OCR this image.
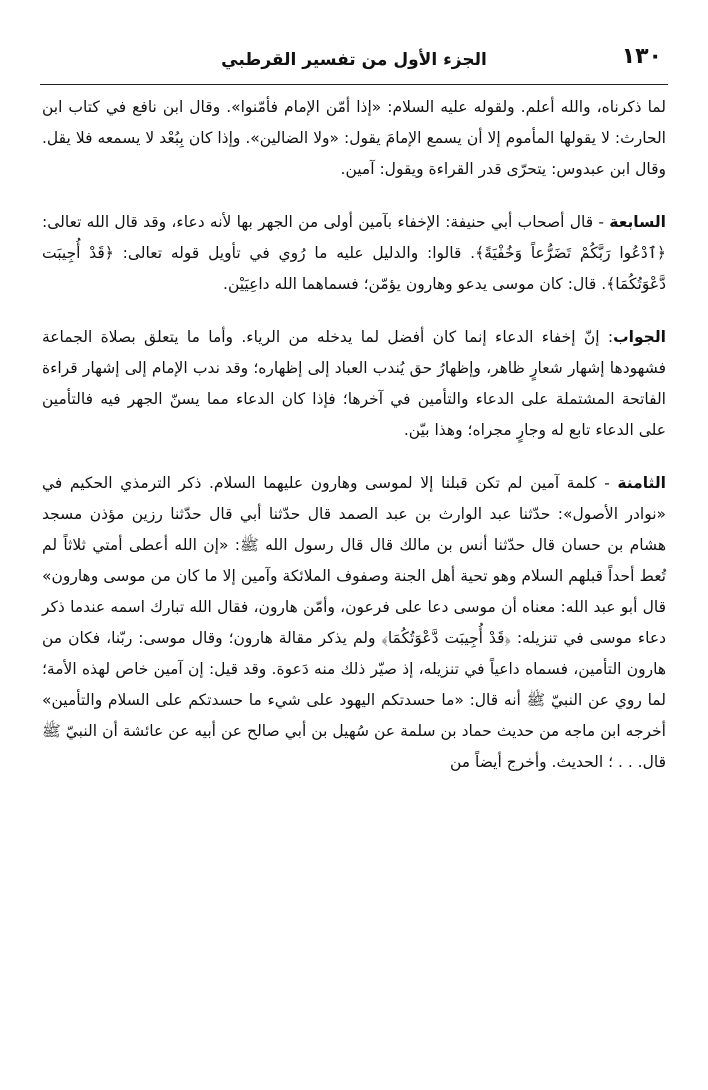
١٣٠
الجزء الأول من تفسير القرطبي

لما ذكرناه، والله أعلم. ولقوله عليه السلام: «إذا أمّن الإمام فأمّنوا». وقال ابن نافع في كتاب ابن الحارث: لا يقولها المأموم إلا أن يسمع الإمامَ يقول: «ولا الضالين». وإذا كان بِبُعْد لا يسمعه فلا يقل. وقال ابن عبدوس: يتحرّى قدر القراءة ويقول: آمين.

السابعة - قال أصحاب أبي حنيفة: الإخفاء بآمين أولى من الجهر بها لأنه دعاء، وقد قال الله تعالى: ﴿ٱدْعُوا رَبَّكُمْ تَضَرُّعاً وَخُفْيَةً﴾. قالوا: والدليل عليه ما رُوي في تأويل قوله تعالى: ﴿قَدْ أُجِيبَت دَّعْوَتُكُمَا﴾. قال: كان موسى يدعو وهارون يؤمّن؛ فسماهما الله داعِيَيْن.

الجواب: إنّ إخفاء الدعاء إنما كان أفضل لما يدخله من الرياء. وأما ما يتعلق بصلاة الجماعة فشهودها إشهار شعارٍ ظاهر، وإظهارُ حق يُندب العباد إلى إظهاره؛ وقد ندب الإمام إلى إشهار قراءة الفاتحة المشتملة على الدعاء والتأمين في آخرها؛ فإذا كان الدعاء مما يسنّ الجهر فيه فالتأمين على الدعاء تابع له وجارٍ مجراه؛ وهذا بيّن.

الثامنة - كلمة آمين لم تكن قبلنا إلا لموسى وهارون عليهما السلام. ذكر الترمذي الحكيم في «نوادر الأصول»: حدّثنا عبد الوارث بن عبد الصمد قال حدّثنا أبي قال حدّثنا رزين مؤذن مسجد هشام بن حسان قال حدّثنا أنس بن مالك قال قال رسول الله ﷺ: «إن الله أعطى أمتي ثلاثاً لم تُعط أحداً قبلهم السلام وهو تحية أهل الجنة وصفوف الملائكة وآمين إلا ما كان من موسى وهارون» قال أبو عبد الله: معناه أن موسى دعا على فرعون، وأمّن هارون، فقال الله تبارك اسمه عندما ذكر دعاء موسى في تنزيله: ﴿قَدْ أُجِيبَت دَّعْوَتُكُمَا﴾ ولم يذكر مقالة هارون؛ وقال موسى: ربّنا، فكان من هارون التأمين، فسماه داعياً في تنزيله، إذ صيّر ذلك منه دَعوة. وقد قيل: إن آمين خاص لهذه الأمة؛ لما روي عن النبيّ ﷺ أنه قال: «ما حسدتكم اليهود على شيء ما حسدتكم على السلام والتأمين» أخرجه ابن ماجه من حديث حماد بن سلمة عن سُهيل بن أبي صالح عن أبيه عن عائشة أن النبيّ ﷺ قال. . . ؛ الحديث. وأخرج أيضاً من
